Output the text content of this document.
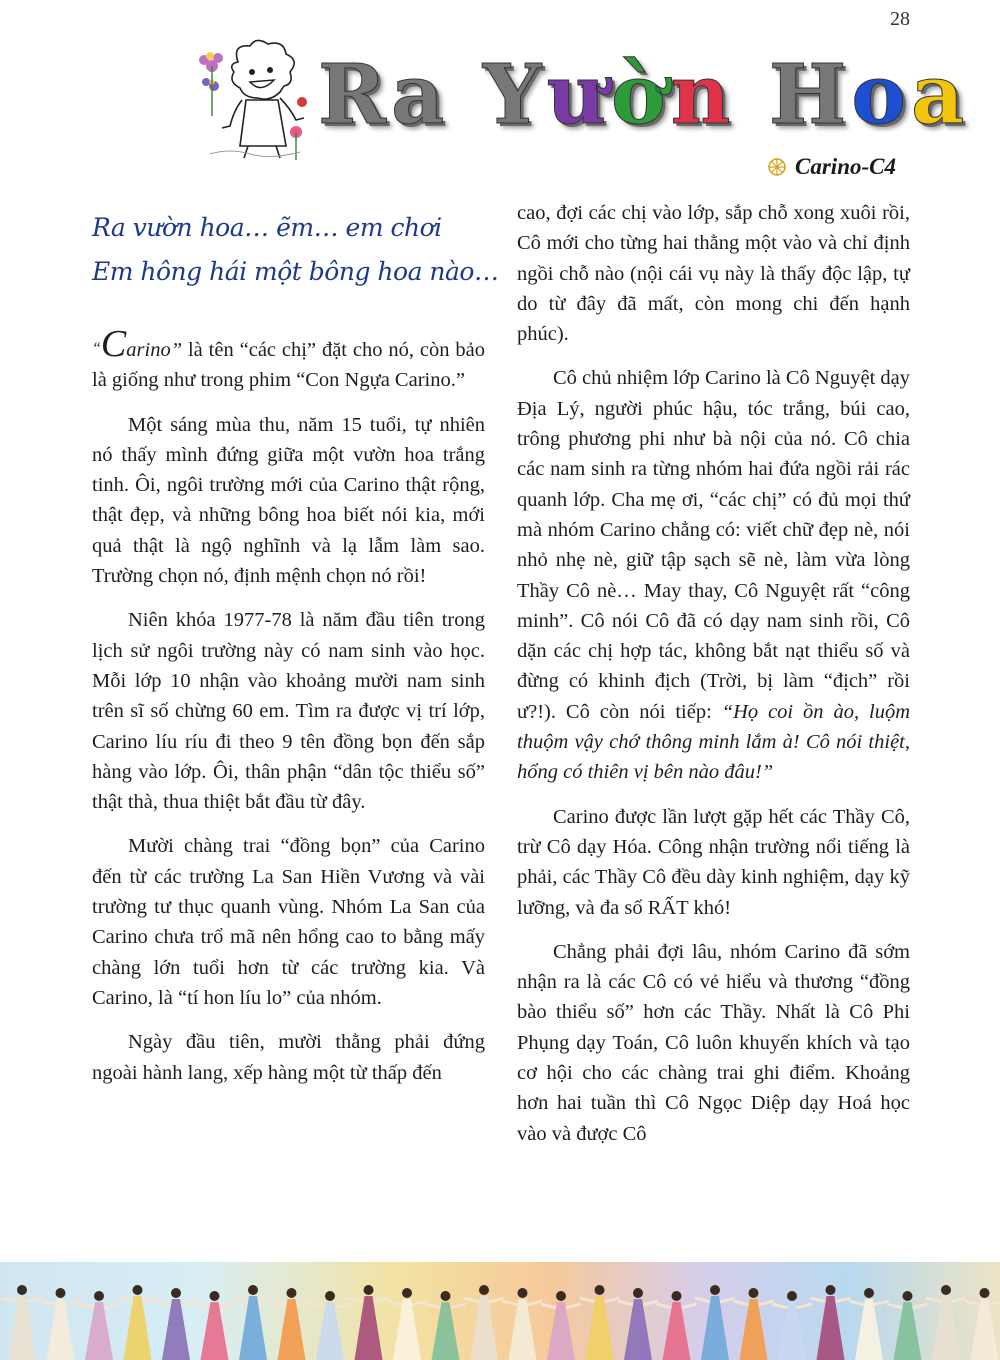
28
Ra Yườn Hoa
Carino-C4
Ra vườn hoa… ẽm… em chơi
Em hông hái một bông hoa nào…

“Carino” là tên “các chị” đặt cho nó, còn bảo là giống như trong phim “Con Ngựa Carino.”

Một sáng mùa thu, năm 15 tuổi, tự nhiên nó thấy mình đứng giữa một vườn hoa trắng tinh. Ôi, ngôi trường mới của Carino thật rộng, thật đẹp, và những bông hoa biết nói kia, mới quả thật là ngộ nghĩnh và lạ lẫm làm sao. Trường chọn nó, định mệnh chọn nó rồi!

Niên khóa 1977-78 là năm đầu tiên trong lịch sử ngôi trường này có nam sinh vào học. Mỗi lớp 10 nhận vào khoảng mười nam sinh trên sĩ số chừng 60 em. Tìm ra được vị trí lớp, Carino líu ríu đi theo 9 tên đồng bọn đến sắp hàng vào lớp. Ôi, thân phận “dân tộc thiểu số” thật thà, thua thiệt bắt đầu từ đây.

Mười chàng trai “đồng bọn” của Carino đến từ các trường La San Hiền Vương và vài trường tư thục quanh vùng. Nhóm La San của Carino chưa trổ mã nên hổng cao to bằng mấy chàng lớn tuổi hơn từ các trường kia. Và Carino, là “tí hon líu lo” của nhóm.

Ngày đầu tiên, mười thằng phải đứng ngoài hành lang, xếp hàng một từ thấp đến

cao, đợi các chị vào lớp, sắp chỗ xong xuôi rồi, Cô mới cho từng hai thằng một vào và chỉ định ngồi chỗ nào (nội cái vụ này là thấy độc lập, tự do từ đây đã mất, còn mong chi đến hạnh phúc).

Cô chủ nhiệm lớp Carino là Cô Nguyệt dạy Địa Lý, người phúc hậu, tóc trắng, búi cao, trông phương phi như bà nội của nó. Cô chia các nam sinh ra từng nhóm hai đứa ngồi rải rác quanh lớp. Cha mẹ ơi, “các chị” có đủ mọi thứ mà nhóm Carino chẳng có: viết chữ đẹp nè, nói nhỏ nhẹ nè, giữ tập sạch sẽ nè, làm vừa lòng Thầy Cô nè… May thay, Cô Nguyệt rất “công minh”. Cô nói Cô đã có dạy nam sinh rồi, Cô dặn các chị hợp tác, không bắt nạt thiểu số và đừng có khinh địch (Trời, bị làm “địch” rồi ư?!). Cô còn nói tiếp: “Họ coi ồn ào, luộm thuộm vậy chớ thông minh lắm à! Cô nói thiệt, hổng có thiên vị bên nào đâu!”

Carino được lần lượt gặp hết các Thầy Cô, trừ Cô dạy Hóa. Công nhận trường nổi tiếng là phải, các Thầy Cô đều dày kinh nghiệm, dạy kỹ lưỡng, và đa số RẤT khó!

Chẳng phải đợi lâu, nhóm Carino đã sớm nhận ra là các Cô có vẻ hiểu và thương “đồng bào thiểu số” hơn các Thầy. Nhất là Cô Phi Phụng dạy Toán, Cô luôn khuyến khích và tạo cơ hội cho các chàng trai ghi điểm. Khoảng hơn hai tuần thì Cô Ngọc Diệp dạy Hoá học vào và được Cô
